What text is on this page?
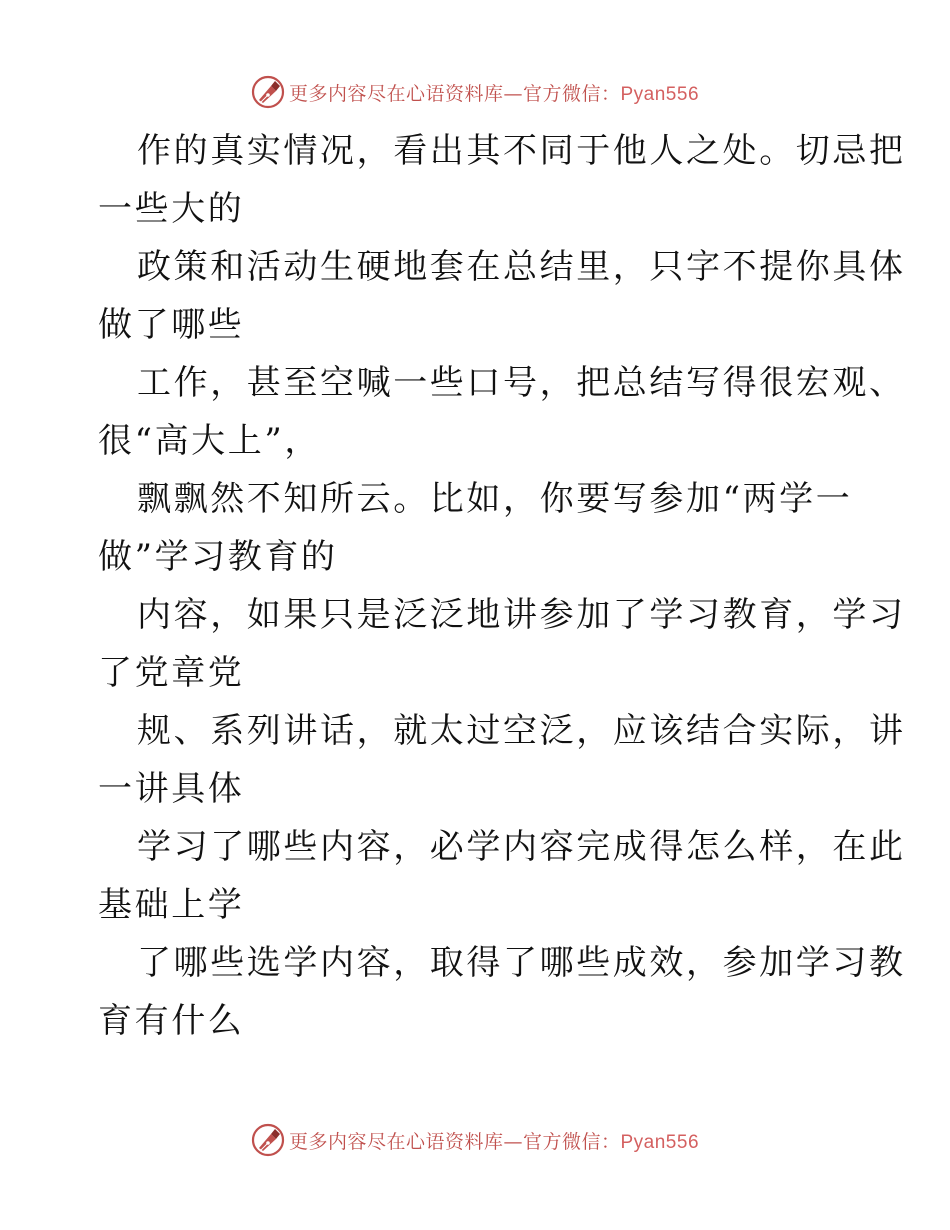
更多内容尽在心语资料库—官方微信：Pyan556
作的真实情况，看出其不同于他人之处。切忌把
一些大的
政策和活动生硬地套在总结里，只字不提你具体
做了哪些
工作，甚至空喊一些口号，把总结写得很宏观、
很“高大上”，
飘飘然不知所云。比如，你要写参加“两学一
做”学习教育的
内容，如果只是泛泛地讲参加了学习教育，学习
了党章党
规、系列讲话，就太过空泛，应该结合实际，讲
一讲具体
学习了哪些内容，必学内容完成得怎么样，在此
基础上学
了哪些选学内容，取得了哪些成效，参加学习教
育有什么
更多内容尽在心语资料库—官方微信：Pyan556
